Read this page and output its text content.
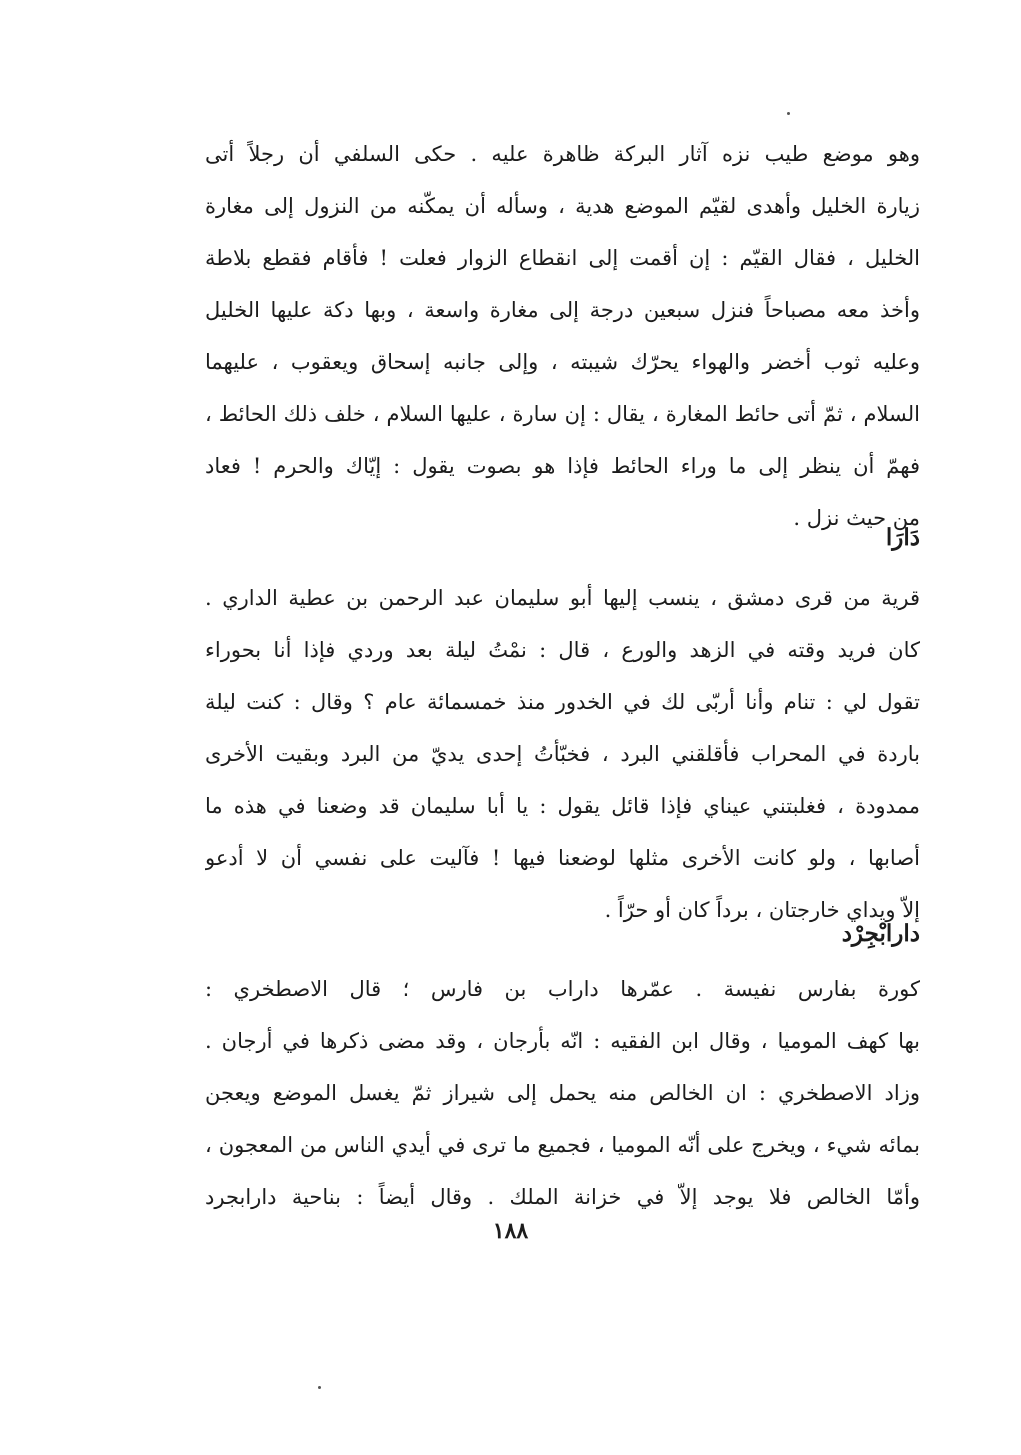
وهو موضع طيب نزه آثار البركة ظاهرة عليه . حكى السلفي أن رجلاً أتى
زيارة الخليل وأهدى لقيّم الموضع هدية ، وسأله أن يمكّنه من النزول إلى مغارة
الخليل ، فقال القيّم : إن أقمت إلى انقطاع الزوار فعلت ! فأقام فقطع بلاطة
وأخذ معه مصباحاً فنزل سبعين درجة إلى مغارة واسعة ، وبها دكة عليها الخليل
وعليه ثوب أخضر والهواء يحرّك شيبته ، وإلى جانبه إسحاق ويعقوب ، عليهما
السلام ، ثمّ أتى حائط المغارة ، يقال : إن سارة ، عليها السلام ، خلف ذلك الحائط ،
فهمّ أن ينظر إلى ما وراء الحائط فإذا هو بصوت يقول : إيّاك والحرم ! فعاد
من حيث نزل .
دَارَا
قرية من قرى دمشق ، ينسب إليها أبو سليمان عبد الرحمن بن عطية الداري .
كان فريد وقته في الزهد والورع ، قال : نمْتُ ليلة بعد وردي فإذا أنا بحوراء
تقول لي : تنام وأنا أربّى لك في الخدور منذ خمسمائة عام ؟ وقال : كنت ليلة
باردة في المحراب فأقلقني البرد ، فخبّأتُ إحدى يديّ من البرد وبقيت الأخرى
ممدودة ، فغلبتني عيناي فإذا قائل يقول : يا أبا سليمان قد وضعنا في هذه ما
أصابها ، ولو كانت الأخرى مثلها لوضعنا فيها ! فآليت على نفسي أن لا أدعو
إلاّ ويداي خارجتان ، برداً كان أو حرّاً .
دارابْجِرْد
كورة بفارس نفيسة . عمّرها داراب بن فارس ؛ قال الاصطخري :
بها كهف الموميا ، وقال ابن الفقيه : انّه بأرجان ، وقد مضى ذكرها في أرجان .
وزاد الاصطخري : ان الخالص منه يحمل إلى شيراز ثمّ يغسل الموضع ويعجن
بمائه شيء ، ويخرج على أنّه الموميا ، فجميع ما ترى في أيدي الناس من المعجون ،
وأمّا الخالص فلا يوجد إلاّ في خزانة الملك . وقال أيضاً : بناحية دارابجرد
١٨٨
